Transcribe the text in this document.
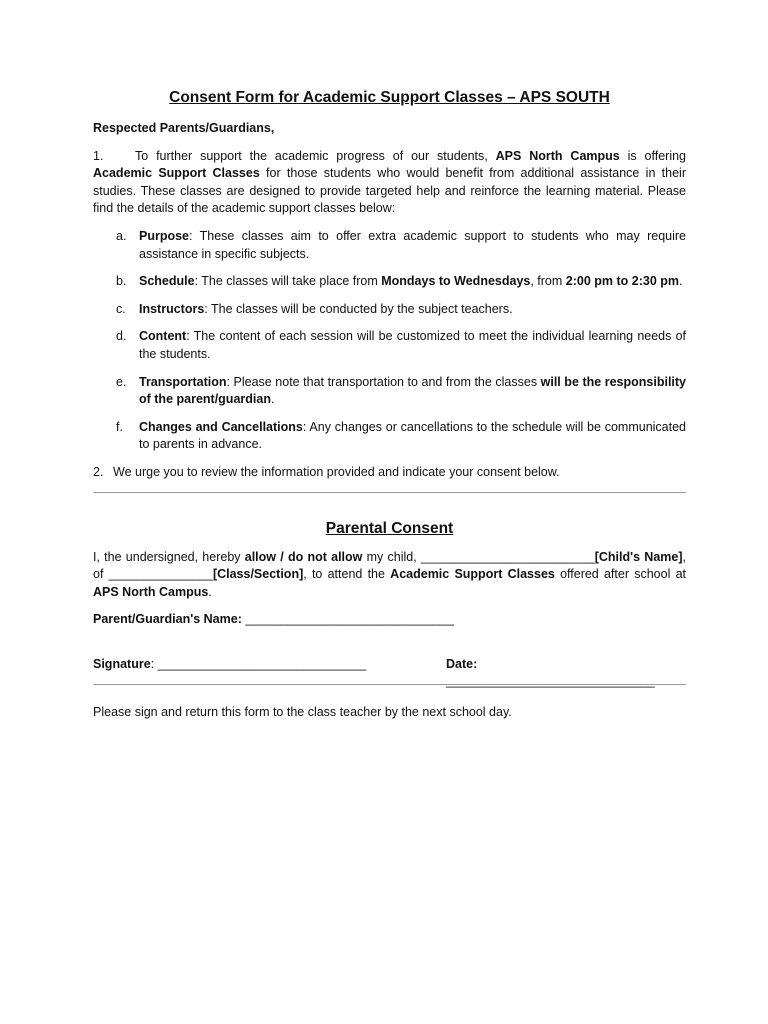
Consent Form for Academic Support Classes – APS SOUTH

Respected Parents/Guardians,

1.	To further support the academic progress of our students, APS North Campus is offering Academic Support Classes for those students who would benefit from additional assistance in their studies. These classes are designed to provide targeted help and reinforce the learning material. Please find the details of the academic support classes below:

a. Purpose: These classes aim to offer extra academic support to students who may require assistance in specific subjects.
b. Schedule: The classes will take place from Mondays to Wednesdays, from 2:00 pm to 2:30 pm.
c. Instructors: The classes will be conducted by the subject teachers.
d. Content: The content of each session will be customized to meet the individual learning needs of the students.
e. Transportation: Please note that transportation to and from the classes will be the responsibility of the parent/guardian.
f. Changes and Cancellations: Any changes or cancellations to the schedule will be communicated to parents in advance.

2. We urge you to review the information provided and indicate your consent below.

Parental Consent

I, the undersigned, hereby allow / do not allow my child, _________________________[Child's Name], of _______________[Class/Section], to attend the Academic Support Classes offered after school at APS North Campus.

Parent/Guardian's Name: ______________________________

Signature: ______________________________	Date: ______________________________

Please sign and return this form to the class teacher by the next school day.
